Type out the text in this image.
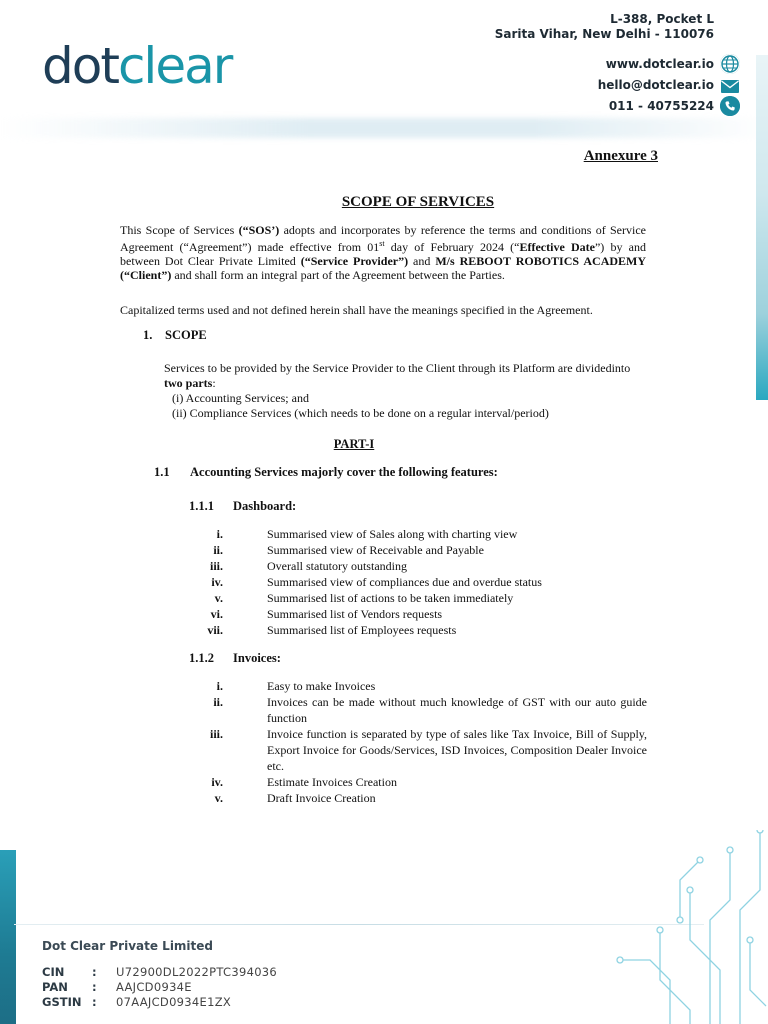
dotclear
L-388, Pocket L
Sarita Vihar, New Delhi - 110076
www.dotclear.io
hello@dotclear.io
011 - 40755224
Annexure 3
SCOPE OF SERVICES
This Scope of Services (“SOS’) adopts and incorporates by reference the terms and conditions of Service Agreement (“Agreement”) made effective from 01st day of February 2024 (“Effective Date”) by and between Dot Clear Private Limited (“Service Provider”) and M/s REBOOT ROBOTICS ACADEMY (“Client”) and shall form an integral part of the Agreement between the Parties.
Capitalized terms used and not defined herein shall have the meanings specified in the Agreement.
1. SCOPE
Services to be provided by the Service Provider to the Client through its Platform are dividedinto two parts:
(i) Accounting Services; and
(ii) Compliance Services (which needs to be done on a regular interval/period)
PART-I
1.1 Accounting Services majorly cover the following features:
1.1.1 Dashboard:
i.	Summarised view of Sales along with charting view
ii.	Summarised view of Receivable and Payable
iii.	Overall statutory outstanding
iv.	Summarised view of compliances due and overdue status
v.	Summarised list of actions to be taken immediately
vi.	Summarised list of Vendors requests
vii.	Summarised list of Employees requests
1.1.2 Invoices:
i.	Easy to make Invoices
ii.	Invoices can be made without much knowledge of GST with our auto guide function
iii.	Invoice function is separated by type of sales like Tax Invoice, Bill of Supply, Export Invoice for Goods/Services, ISD Invoices, Composition Dealer Invoice etc.
iv.	Estimate Invoices Creation
v.	Draft Invoice Creation
Dot Clear Private Limited
CIN : U72900DL2022PTC394036
PAN : AAJCD0934E
GSTIN : 07AAJCD0934E1ZX
